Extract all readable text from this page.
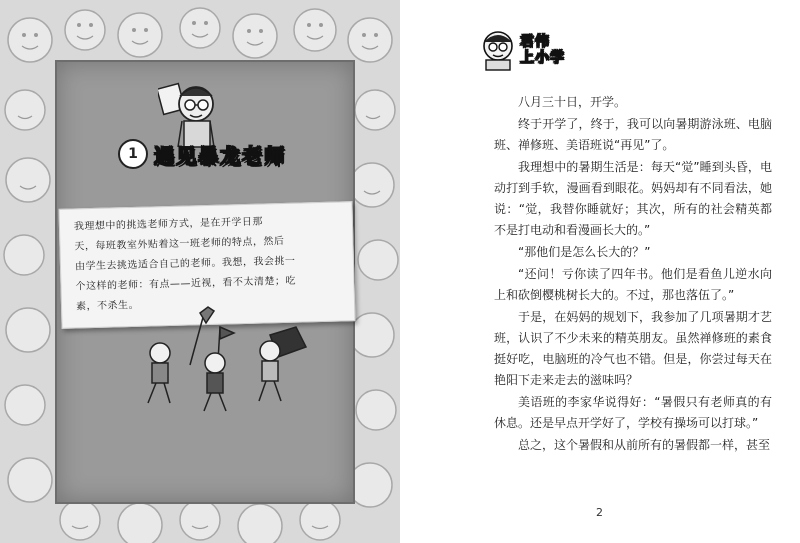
1 遇见暴龙老师
我理想中的挑选老师方式，是在开学日那
天，每班教室外贴着这一班老师的特点，然后
由学生去挑选适合自己的老师。我想，我会挑一
个这样的老师：有点——近视，看不太清楚；吃
素，不杀生。
君伟
上小学

八月三十日，开学。

终于开学了，终于，我可以向暑期游泳班、电脑班、禅修班、美语班说“再见”了。

我理想中的暑期生活是：每天“觉”睡到头昏，电动打到手软，漫画看到眼花。妈妈却有不同看法，她说：“觉，我替你睡就好；其次，所有的社会精英都不是打电动和看漫画长大的。”

“那他们是怎么长大的？”

“还问！亏你读了四年书。他们是看鱼儿逆水向上和砍倒樱桃树长大的。不过，那也落伍了。”

于是，在妈妈的规划下，我参加了几项暑期才艺班，认识了不少未来的精英朋友。虽然禅修班的素食挺好吃，电脑班的冷气也不错。但是，你尝过每天在艳阳下走来走去的滋味吗？

美语班的李家华说得好：“暑假只有老师真的有休息。还是早点开学好了，学校有操场可以打球。”

总之，这个暑假和从前所有的暑假都一样，甚至

2
